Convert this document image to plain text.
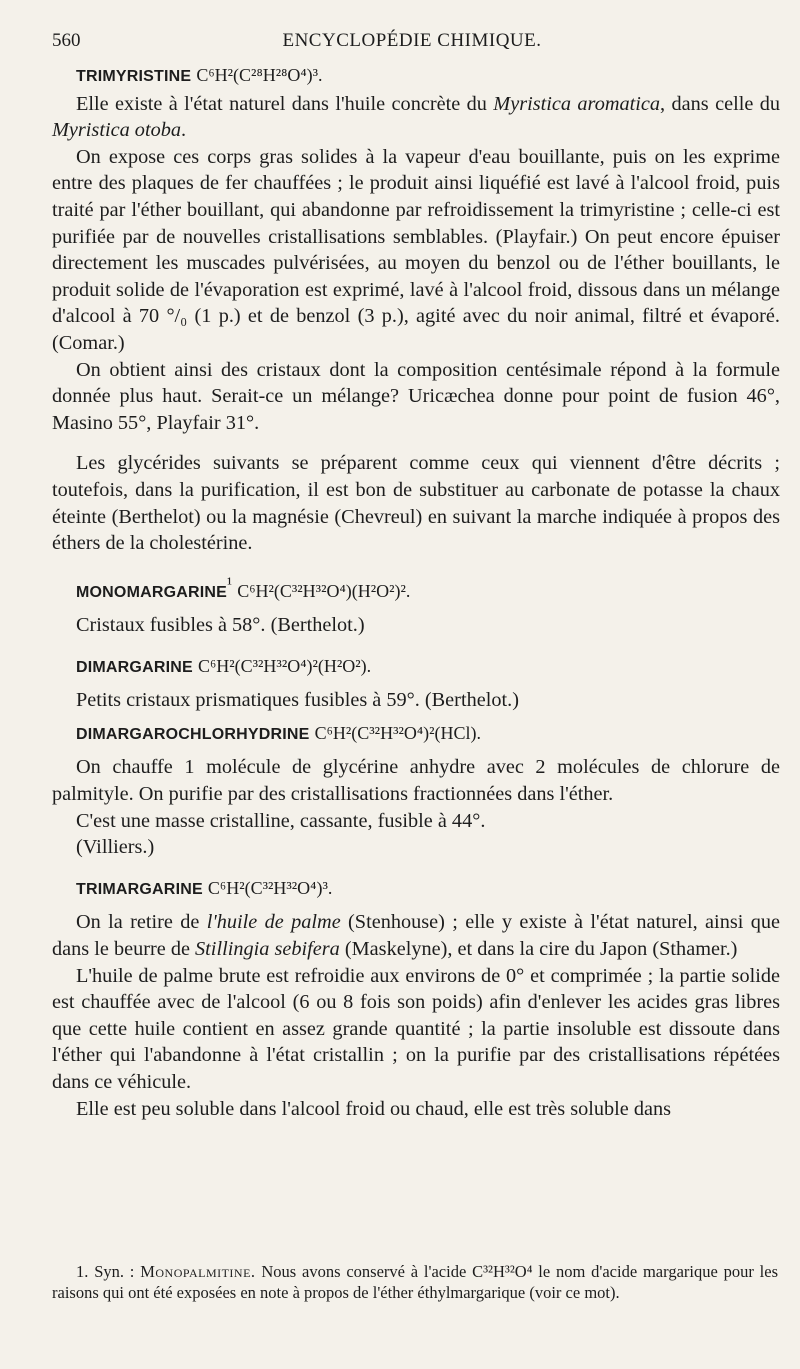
560	ENCYCLOPÉDIE CHIMIQUE.

TRIMYRISTINE C⁶H²(C²⁸H²⁸O⁴)³.

Elle existe à l'état naturel dans l'huile concrète du Myristica aromatica, dans celle du Myristica otoba.

On expose ces corps gras solides à la vapeur d'eau bouillante, puis on les exprime entre des plaques de fer chauffées ; le produit ainsi liquéfié est lavé à l'alcool froid, puis traité par l'éther bouillant, qui abandonne par refroidissement la trimyristine ; celle-ci est purifiée par de nouvelles cristallisations semblables. (Playfair.) On peut encore épuiser directement les muscades pulvérisées, au moyen du benzol ou de l'éther bouillants, le produit solide de l'évaporation est exprimé, lavé à l'alcool froid, dissous dans un mélange d'alcool à 70 °/₀ (1 p.) et de benzol (3 p.), agité avec du noir animal, filtré et évaporé. (Comar.)

On obtient ainsi des cristaux dont la composition centésimale répond à la formule donnée plus haut. Serait-ce un mélange? Uricæchea donne pour point de fusion 46°, Masino 55°, Playfair 31°.

Les glycérides suivants se préparent comme ceux qui viennent d'être décrits ; toutefois, dans la purification, il est bon de substituer au carbonate de potasse la chaux éteinte (Berthelot) ou la magnésie (Chevreul) en suivant la marche indiquée à propos des éthers de la cholestérine.

$MONOMARGARINE^{^1}$ C⁶H²(C³²H³²O⁴)(H²O²)².

Cristaux fusibles à 58°. (Berthelot.)

DIMARGARINE C⁶H²(C³²H³²O⁴)²(H²O²).

Petits cristaux prismatiques fusibles à 59°. (Berthelot.)

DIMARGAROCHLORHYDRINE C⁶H²(C³²H³²O⁴)²(HCl).

On chauffe 1 molécule de glycérine anhydre avec 2 molécules de chlorure de palmityle. On purifie par des cristallisations fractionnées dans l'éther.

C'est une masse cristalline, cassante, fusible à 44°.

(Villiers.)

TRIMARGARINE C⁶H²(C³²H³²O⁴)³.

On la retire de l'huile de palme (Stenhouse) ; elle y existe à l'état naturel, ainsi que dans le beurre de Stillingia sebifera (Maskelyne), et dans la cire du Japon (Sthamer.)

L'huile de palme brute est refroidie aux environs de 0° et comprimée ; la partie solide est chauffée avec de l'alcool (6 ou 8 fois son poids) afin d'enlever les acides gras libres que cette huile contient en assez grande quantité ; la partie insoluble est dissoute dans l'éther qui l'abandonne à l'état cristallin ; on la purifie par des cristallisations répétées dans ce véhicule.

Elle est peu soluble dans l'alcool froid ou chaud, elle est très soluble dans

1. Syn. : Monopalmitine. Nous avons conservé à l'acide C³²H³²O⁴ le nom d'acide margarique pour les raisons qui ont été exposées en note à propos de l'éther éthylmargarique (voir ce mot).
